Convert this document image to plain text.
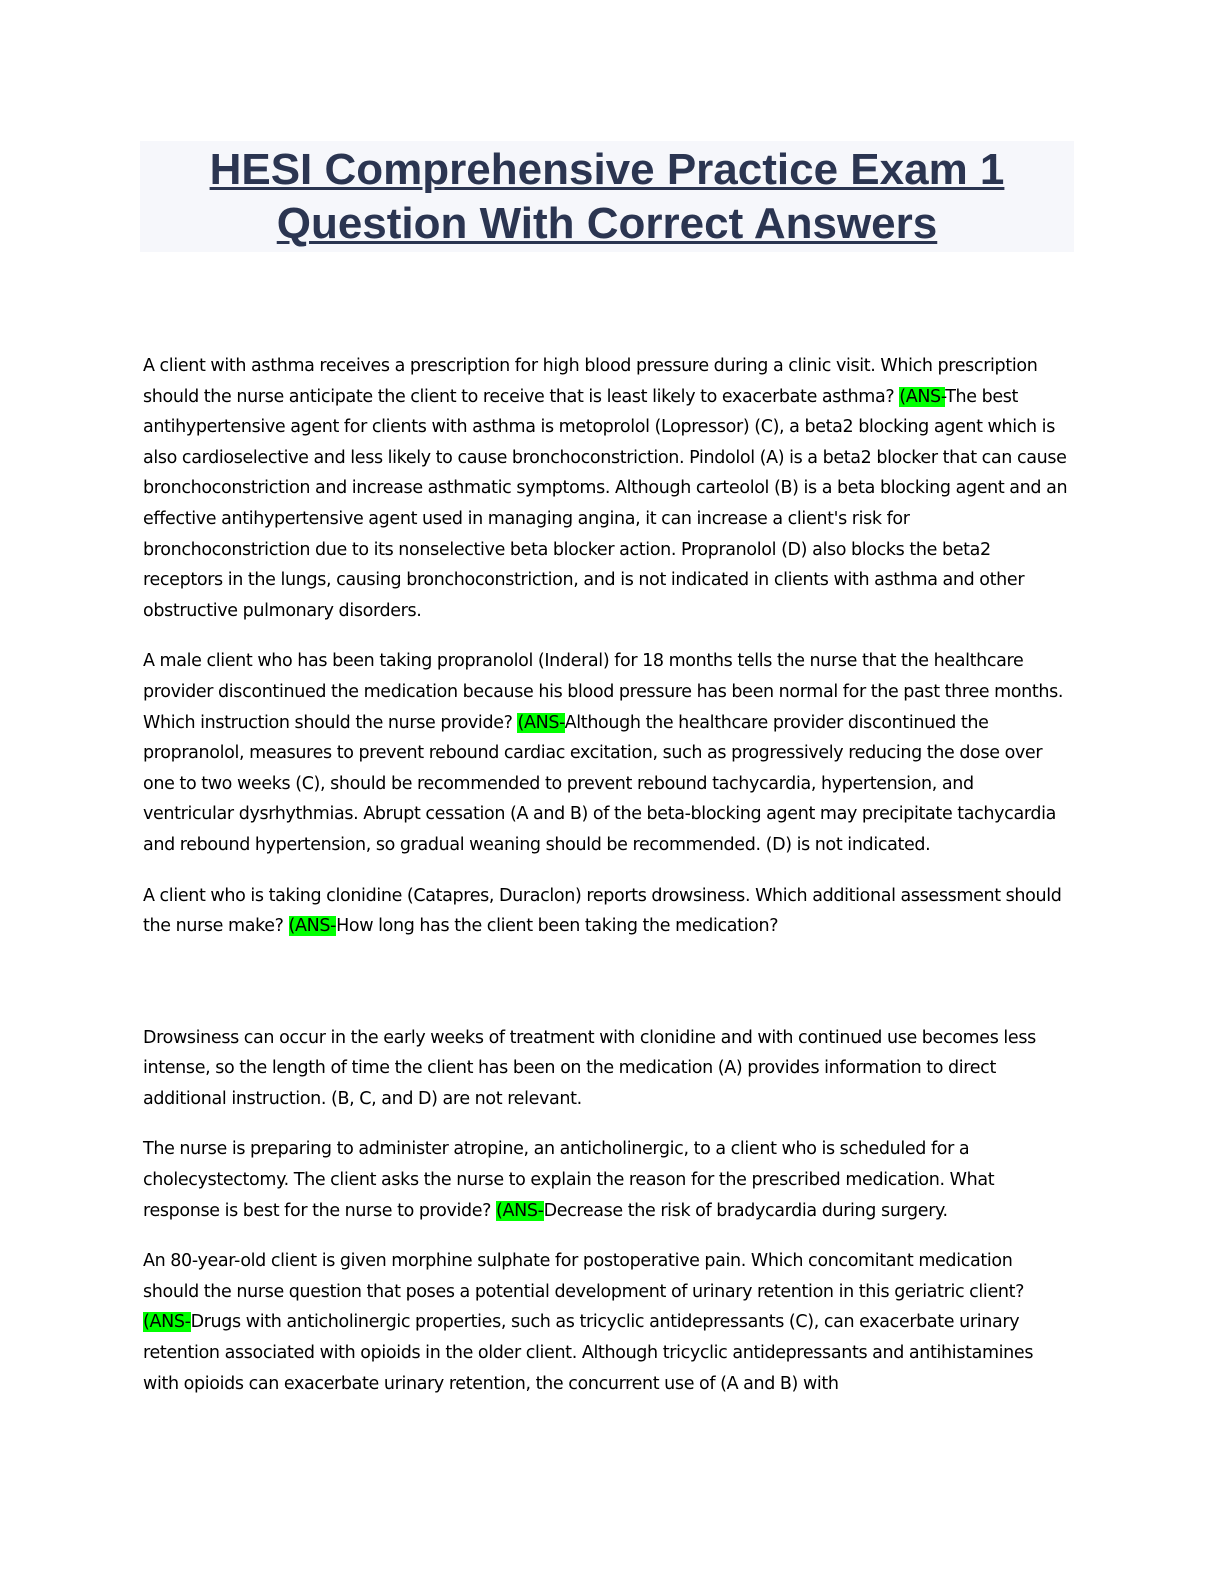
HESI Comprehensive Practice Exam 1
Question With Correct Answers

A client with asthma receives a prescription for high blood pressure during a clinic visit. Which prescription should the nurse anticipate the client to receive that is least likely to exacerbate asthma? (ANS-The best antihypertensive agent for clients with asthma is metoprolol (Lopressor) (C), a beta2 blocking agent which is also cardioselective and less likely to cause bronchoconstriction. Pindolol (A) is a beta2 blocker that can cause bronchoconstriction and increase asthmatic symptoms. Although carteolol (B) is a beta blocking agent and an effective antihypertensive agent used in managing angina, it can increase a client's risk for bronchoconstriction due to its nonselective beta blocker action. Propranolol (D) also blocks the beta2 receptors in the lungs, causing bronchoconstriction, and is not indicated in clients with asthma and other obstructive pulmonary disorders.

A male client who has been taking propranolol (Inderal) for 18 months tells the nurse that the healthcare provider discontinued the medication because his blood pressure has been normal for the past three months. Which instruction should the nurse provide? (ANS-Although the healthcare provider discontinued the propranolol, measures to prevent rebound cardiac excitation, such as progressively reducing the dose over one to two weeks (C), should be recommended to prevent rebound tachycardia, hypertension, and ventricular dysrhythmias. Abrupt cessation (A and B) of the beta-blocking agent may precipitate tachycardia and rebound hypertension, so gradual weaning should be recommended. (D) is not indicated.

A client who is taking clonidine (Catapres, Duraclon) reports drowsiness. Which additional assessment should the nurse make? (ANS-How long has the client been taking the medication?

Drowsiness can occur in the early weeks of treatment with clonidine and with continued use becomes less intense, so the length of time the client has been on the medication (A) provides information to direct additional instruction. (B, C, and D) are not relevant.

The nurse is preparing to administer atropine, an anticholinergic, to a client who is scheduled for a cholecystectomy. The client asks the nurse to explain the reason for the prescribed medication. What response is best for the nurse to provide? (ANS-Decrease the risk of bradycardia during surgery.

An 80-year-old client is given morphine sulphate for postoperative pain. Which concomitant medication should the nurse question that poses a potential development of urinary retention in this geriatric client? (ANS-Drugs with anticholinergic properties, such as tricyclic antidepressants (C), can exacerbate urinary retention associated with opioids in the older client. Although tricyclic antidepressants and antihistamines with opioids can exacerbate urinary retention, the concurrent use of (A and B) with
